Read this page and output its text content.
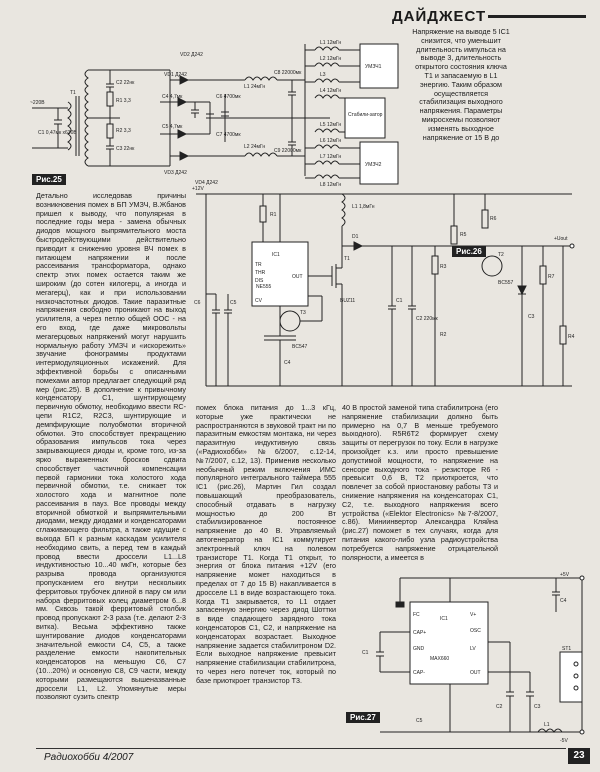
ДАЙДЖЕСТ
Напряжение на выводе 5 IC1 снизится, что уменьшит длительность импульса на выводе 3, длительность открытого состояния ключа Т1 и запасаемую в L1 энергию. Таким образом осуществляется стабилизация выходного напряжения. Параметры микросхемы позволяют изменять выходное напряжение от 15 В до
~220В
C1 0,47мк х630В
T1
C2 22нк
R1 3,3
R2 3,3
C3 22нк
VD2 Д242
VD1 Д242
VD3 Д242
VD4 Д242
C4 4,7мк
C5 4,7мк
C6 4700мк
C7 4700мк
L1 24мГн
L2 24мГн
C8 22000мк
C9 22000мк
L1 12мГн
L2 12мГн
L3
L4 12мГн
L5 12мГн
L6 12мГн
L7 12мГн
L8 12мГн
УМЗЧ1
Стабили-затор
УМЗЧ2
Рис.25
Детально исследовав причины возникновения помех в БП УМЗЧ, В.Жбанов пришел к выводу, что популярная в последние годы мера - замена обычных диодов мощного выпрямительного моста быстродействующими действительно приводит к снижению уровня ВЧ помех в питающем напряжении и после рассеивания трансформатора, однако спектр этих помех остается таким же широким (до сотен килогерц, а иногда и мегагерц), как и при использовании низкочастотных диодов. Такие паразитные напряжения свободно проникают на выход усилителя, а через петлю общей ООС - на его вход, где даже микровольты мегагерцовых напряжений могут нарушить нормальную работу УМЗЧ и «искорежить» звучание фонограммы продуктами интермодуляционных искажений. Для эффективной борьбы с описанными помехами автор предлагает следующий ряд мер (рис.25). В дополнение к привычному конденсатору C1, шунтирующему первичную обмотку, необходимо ввести RC-цепи R1C2, R2C3, шунтирующие и демпфирующие полуобмотки вторичной обмотки. Это способствует прекращению образования импульсов тока через закрывающиеся диоды и, кроме того, из-за ярко выраженных бросков сдвига способствует частичной компенсации первой гармоники тока холостого хода первичной обмотки, т.е. снижает ток холостого хода и магнитное поле рассеивания в пауз. Все проводы между вторичной обмоткой и выпрямительными диодами, между диодами и конденсаторами сглаживающего фильтра, а также идущие с выхода БП к разным каскадам усилителя необходимо свить, а перед тем в каждый провод ввести дроссели L1...L8 индуктивностью 10...40 мкГн, которые без разрыва провода организуются пропусканием его внутри нескольких ферритовых трубочек длиной в пару см или набора ферритовых колец диаметром 6...8 мм. Сквозь такой ферритовый столбик провод пропускают 2-3 раза (т.е. делают 2-3 витка). Весьма эффективно также шунтирование диодов конденсаторами значительной емкости C4, C5, а также разделение емкости накопительных конденсаторов на меньшую C6, C7 (10...20%) и основную C8, C9 части, между которыми размещаются вышеназванные дроссели L1, L2. Упомянутые меры позволяют сузить спектр
+12V
+Uout
L1 1,8мГн
D1
IC1
NE555
TR
THR
DIS
CV
OUT
T1
BUZ11
T3
BC547
T2
BC557
C6	C5
C4
R1
C1
C2 220мк
R3
R5
R6
R7
R4
R2
C3
Рис.26
помех блока питания до 1...3 кГц, которые уже практически не распространяются в звуковой тракт ни по паразитным емкостям монтажа, ни через паразитную индуктивную связь («Радиохобби» №6/2007, с.12-14, №7/2007, с.12, 13). Применив несколько необычный режим включения ИМС популярного интегрального таймера 555 IC1 (рис.26), Мартин Гил создал повышающий преобразователь, способный отдавать в нагрузку мощностью до 200 Вт стабилизированное постоянное напряжение до 40 В. Управляемый автогенератор на IC1 коммутирует электронный ключ на полевом транзисторе T1. Когда T1 открыт, то энергия от блока питания +12V (его напряжение может находиться в пределах от 7 до 15 В) накапливается в дросселе L1 в виде возрастающего тока. Когда T1 закрывается, то L1 отдает запасенную энергию через диод Шоттки в виде спадающего зарядного тока конденсаторов C1, C2, и напряжение на конденсаторах возрастает. Выходное напряжение задается стабилитроном D2. Если выходное напряжение превысит напряжение стабилизации стабилитрона, то через него потечет ток, который по базе приоткроет транзистор T3.
40 В простой заменой типа стабилитрона (его напряжение стабилизации должно быть примерно на 0,7 В меньше требуемого выходного). R5R6T2 формирует схему защиты от перегрузок по току. Если в нагрузке произойдет к.з. или просто превышение допустимой мощности, то напряжение на сенсоре выходного тока - резисторе R6 - превысит 0,6 В, T2 приоткроется, что повлечет за собой приостановку работы T3 и снижение напряжения на конденсаторах C1, C2, т.е. выходного напряжения всего устройства («Elektor Electronics» №7-8/2007, с.86). Миниинвертор Александра Кляйна (рис.27) поможет в тех случаях, когда для питания какого-либо узла радиоустройства потребуется напряжение отрицательной полярности, а имеется в
+5V
-5V
IC1
MAX660
FC
CAP+
GND
CAP-
V+
OSC
LV
OUT
ST1
C1
C2	C3
C4
C5
L1
Рис.27
Радиохобби 4/2007	23
